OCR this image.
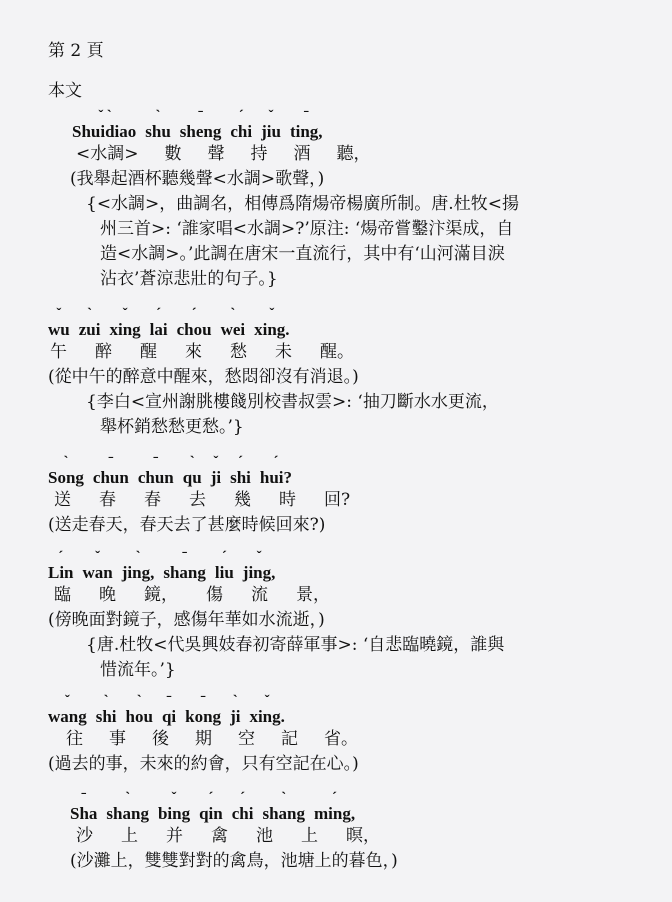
第 2 頁
本文
Shuidiao
ˇ ˋ
shu
ˋ
sheng
ˉ
chi
ˊ
jiu
ˇ
ting,
ˉ
<水調> 數 聲 持 酒 聽，
(我舉起酒杯聽幾聲<水調>歌聲，)
{<水調>，曲調名，相傳爲隋煬帝楊廣所制。唐.杜牧<揚
州三首>: ‘誰家唱<水調>?’原注: ‘煬帝嘗鑿汴渠成，自
造<水調>。’此調在唐宋一直流行，其中有‘山河滿目淚
沾衣’蒼涼悲壯的句子。}
wu
ˇ
zui
ˋ
xing
ˇ
lai
ˊ
chou
ˊ
wei
ˋ
xing.
ˇ
午 醉 醒 來 愁 未 醒。
(從中午的醉意中醒來，愁悶卻沒有消退。)
{李白<宣州謝朓樓餞別校書叔雲>: ‘抽刀斷水水更流，
舉杯銷愁愁更愁。’}
Song
ˋ
chun
ˉ
chun
ˉ
qu
ˋ
ji
ˇ
shi
ˊ
hui?
ˊ
送 春 春 去 幾 時 回?
(送走春天，春天去了甚麼時候回來?)
Lin
ˊ
wan
ˇ
jing,
ˋ
shang
ˉ
liu
ˊ
jing,
ˇ
臨 晚 鏡， 傷 流 景，
(傍晚面對鏡子，感傷年華如水流逝，)
{唐.杜牧<代吳興妓春初寄薛軍事>: ‘自悲臨曉鏡，誰與
惜流年。’}
wang
ˇ
shi
ˋ
hou
ˋ
qi
ˉ
kong
ˉ
ji
ˋ
xing.
ˇ
往 事 後 期 空 記 省。
(過去的事，未來的約會，只有空記在心。)
Sha
ˉ
shang
ˋ
bing
ˇ
qin
ˊ
chi
ˊ
shang
ˋ
ming,
ˊ
沙 上 并 禽 池 上 暝，
(沙灘上，雙雙對對的禽鳥，池塘上的暮色，)
